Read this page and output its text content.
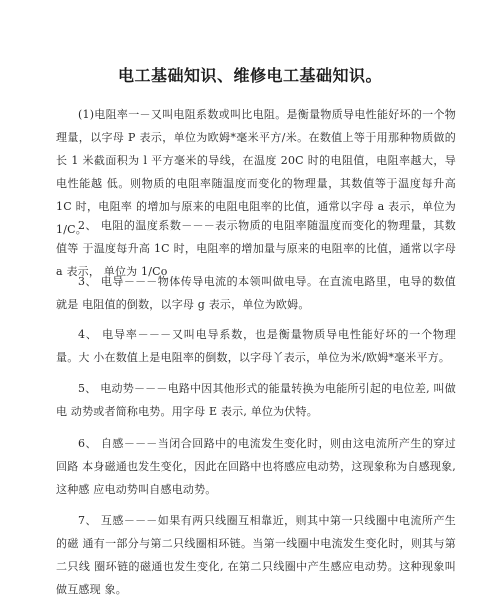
电工基础知识、维修电工基础知识。

(1)电阻率一－又叫电阻系数或叫比电阻。是衡量物质导电性能好坏的一个物 理量，以字母 P 表示，单位为欧姆*毫米平方/米。在数值上等于用那种物质做的长 1 米截面积为 l 平方毫米的导线，在温度 20C 时的电阻值，电阻率越大，导电性能越 低。则物质的电阻率随温度而变化的物理量，其数值等于温度每升高 1C 时，电阻率 的增加与原来的电阻电阻率的比值，通常以字母 a 表示，单位为 1/C。

2、 电阻的温度系数－－－表示物质的电阻率随温度而变化的物理量，其数值等 于温度每升高 1C 时，电阻率的增加量与原来的电阻率的比值，通常以字母 a 表示， 单位为 1/Co

3、 电导－－－物体传导电流的本领叫做电导。在直流电路里，电导的数值就是 电阻值的倒数，以字母 g 表示，单位为欧姆。

4、 电导率－－－又叫电导系数，也是衡量物质导电性能好坏的一个物理量。大 小在数值上是电阻率的倒数，以字母丫表示，单位为米/欧姆*毫米平方。

5、 电动势－－－电路中因其他形式的能量转换为电能所引起的电位差, 叫做电 动势或者简称电势。用字母 E 表示, 单位为伏特。

6、 自感－－－当闭合回路中的电流发生变化时，则由这电流所产生的穿过回路 本身磁通也发生变化，因此在回路中也将感应电动势，这现象称为自感现象, 这种感 应电动势叫自感电动势。

7、 互感－－－如果有两只线圈互相靠近，则其中第一只线圈中电流所产生的磁 通有一部分与第二只线圈相环链。当第一线圈中电流发生变化时，则其与第二只线 圈环链的磁通也发生变化, 在第二只线圈中产生感应电动势。这种现象叫做互感现 象。
